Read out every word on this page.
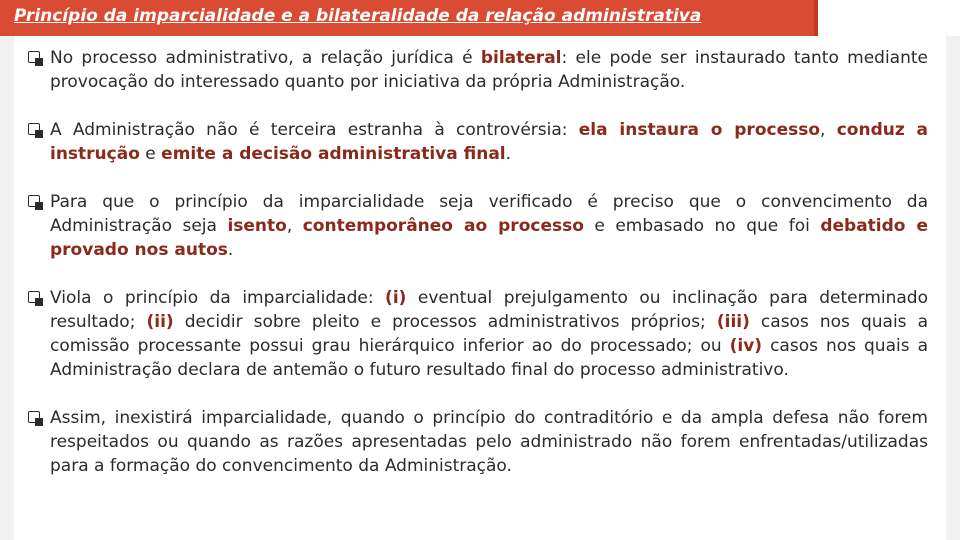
Princípio da imparcialidade e a bilateralidade da relação administrativa
No processo administrativo, a relação jurídica é bilateral: ele pode ser instaurado tanto mediante provocação do interessado quanto por iniciativa da própria Administração.
A Administração não é terceira estranha à controvérsia: ela instaura o processo, conduz a instrução e emite a decisão administrativa final.
Para que o princípio da imparcialidade seja verificado é preciso que o convencimento da Administração seja isento, contemporâneo ao processo e embasado no que foi debatido e provado nos autos.
Viola o princípio da imparcialidade: (i) eventual prejulgamento ou inclinação para determinado resultado; (ii) decidir sobre pleito e processos administrativos próprios; (iii) casos nos quais a comissão processante possui grau hierárquico inferior ao do processado; ou (iv) casos nos quais a Administração declara de antemão o futuro resultado final do processo administrativo.
Assim, inexistirá imparcialidade, quando o princípio do contraditório e da ampla defesa não forem respeitados ou quando as razões apresentadas pelo administrado não forem enfrentadas/utilizadas para a formação do convencimento da Administração.
